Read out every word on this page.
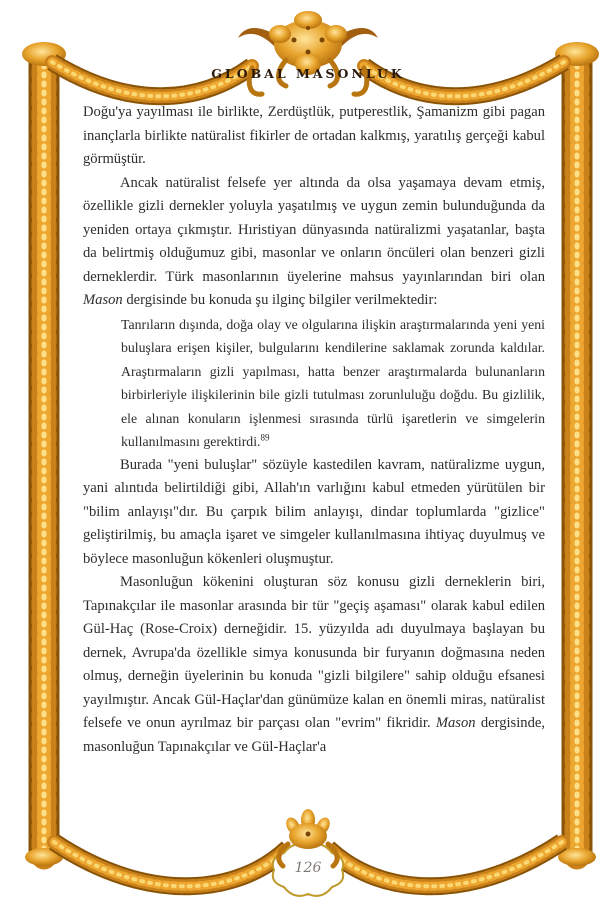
GLOBAL MASONLUK

Doğu'ya yayılması ile birlikte, Zerdüştlük, putperestlik, Şamanizm gibi pagan inançlarla birlikte natüralist fikirler de ortadan kalkmış, yaratılış gerçeği kabul görmüştür.

Ancak natüralist felsefe yer altında da olsa yaşamaya devam etmiş, özellikle gizli dernekler yoluyla yaşatılmış ve uygun zemin bulunduğunda da yeniden ortaya çıkmıştır. Hıristiyan dünyasında natüralizmi yaşatanlar, başta da belirtmiş olduğumuz gibi, masonlar ve onların öncüleri olan benzeri gizli derneklerdir. Türk masonlarının üyelerine mahsus yayınlarından biri olan Mason dergisinde bu konuda şu ilginç bilgiler verilmektedir:

Tanrıların dışında, doğa olay ve olgularına ilişkin araştırmalarında yeni yeni buluşlara erişen kişiler, bulgularını kendilerine saklamak zorunda kaldılar. Araştırmaların gizli yapılması, hatta benzer araştırmalarda bulunanların birbirleriyle ilişkilerinin bile gizli tutulması zorunluluğu doğdu. Bu gizlilik, ele alınan konuların işlenmesi sırasında türlü işaretlerin ve simgelerin kullanılmasını gerektirdi.$^{89}$

Burada "yeni buluşlar" sözüyle kastedilen kavram, natüralizme uygun, yani alıntıda belirtildiği gibi, Allah'ın varlığını kabul etmeden yürütülen bir "bilim anlayışı"dır. Bu çarpık bilim anlayışı, dindar toplumlarda "gizlice" geliştirilmiş, bu amaçla işaret ve simgeler kullanılmasına ihtiyaç duyulmuş ve böylece masonluğun kökenleri oluşmuştur.

Masonluğun kökenini oluşturan söz konusu gizli derneklerin biri, Tapınakçılar ile masonlar arasında bir tür "geçiş aşaması" olarak kabul edilen Gül-Haç (Rose-Croix) derneğidir. 15. yüzyılda adı duyulmaya başlayan bu dernek, Avrupa'da özellikle simya konusunda bir furyanın doğmasına neden olmuş, derneğin üyelerinin bu konuda "gizli bilgilere" sahip olduğu efsanesi yayılmıştır. Ancak Gül-Haçlar'dan günümüze kalan en önemli miras, natüralist felsefe ve onun ayrılmaz bir parçası olan "evrim" fikridir. Mason dergisinde, masonluğun Tapınakçılar ve Gül-Haçlar'a

126
